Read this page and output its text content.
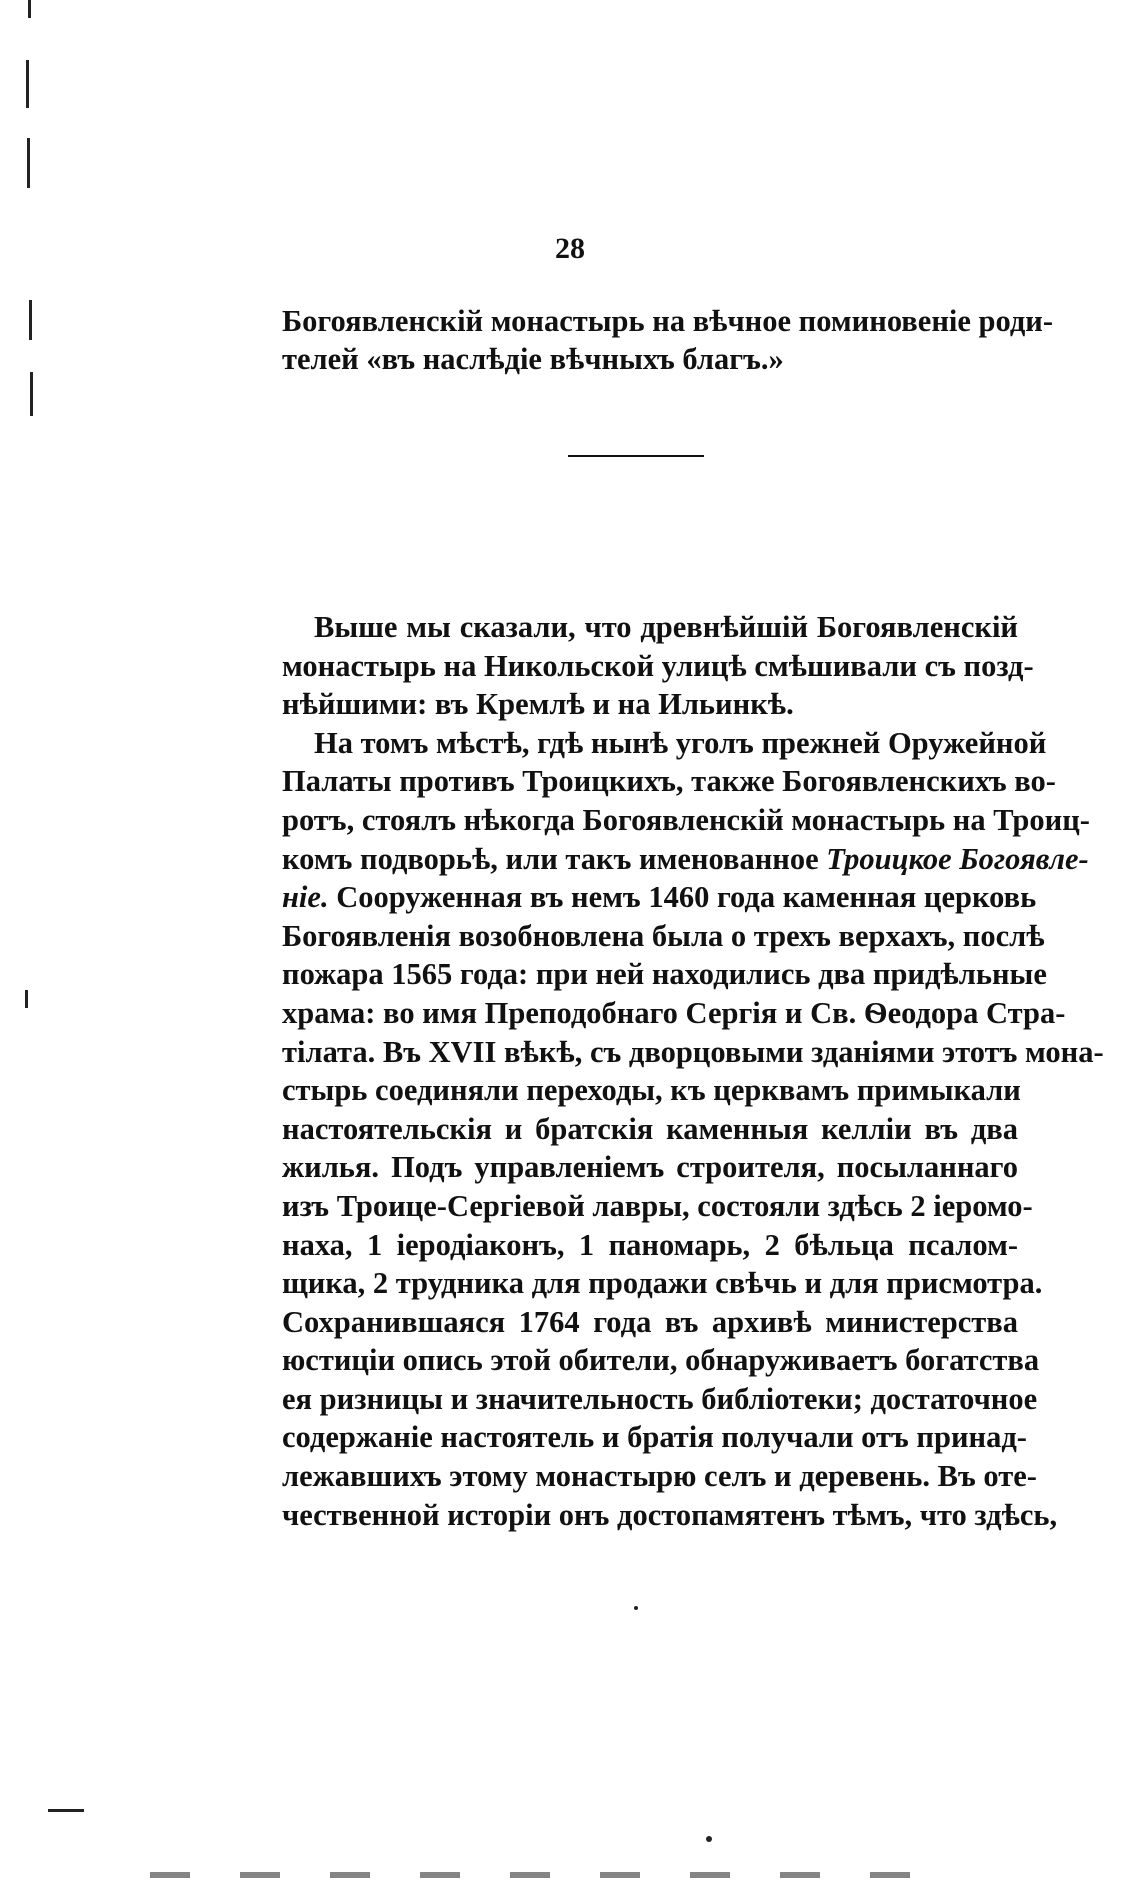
28
Богоявленскій монастырь на вѣчное поминовеніе роди-
телей «въ наслѣдіе вѣчныхъ благъ.»
Выше мы сказали, что древнѣйшій Богоявленскій
монастырь на Никольской улицѣ смѣшивали съ позд-
нѣйшими: въ Кремлѣ и на Ильинкѣ.
На томъ мѣстѣ, гдѣ нынѣ уголъ прежней Оружейной
Палаты противъ Троицкихъ, также Богоявленскихъ во-
ротъ, стоялъ нѣкогда Богоявленскій монастырь на Троиц-
комъ подворьѣ, или такъ именованное Троицкое Богоявле-
ніе. Сооруженная въ немъ 1460 года каменная церковь
Богоявленія возобновлена была о трехъ верхахъ, послѣ
пожара 1565 года: при ней находились два придѣльные
храма: во имя Преподобнаго Сергія и Св. Ѳеодора Стра-
тілата. Въ XVII вѣкѣ, съ дворцовыми зданіями этотъ мона-
стырь соединяли переходы, къ церквамъ примыкали
настоятельскія и братскія каменныя келліи въ два
жилья. Подъ управленіемъ строителя, посыланнаго
изъ Троице-Сергіевой лавры, состояли здѣсь 2 іеромо-
наха, 1 іеродіаконъ, 1 паномарь, 2 бѣльца псалом-
щика, 2 трудника для продажи свѣчь и для присмотра.
Сохранившаяся 1764 года въ архивѣ министерства
юстиціи опись этой обители, обнаруживаетъ богатства
ея ризницы и значительность библіотеки; достаточное
содержаніе настоятель и братія получали отъ принад-
лежавшихъ этому монастырю селъ и деревень. Въ оте-
чественной исторіи онъ достопамятенъ тѣмъ, что здѣсь,
